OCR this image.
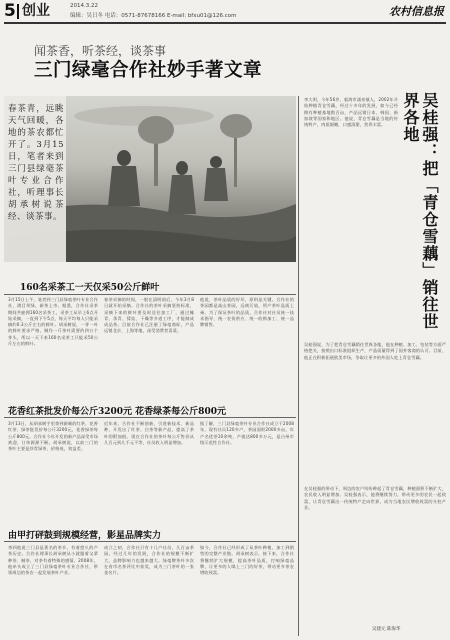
5 创业	2014.3.22
编辑：吴日冬 电话：0571-87678166 E-mail: bfxu01@126.com	农村信息报
闻茶香，听茶经，谈茶事
三门绿毫合作社妙手著文章
春茶青，远眺天气回暖，各地的茶农都忙开了。3月15日，笔者来到三门县绿毫茶叶专业合作社，听理事长胡承树说茶经、谈茶事。	吴桂强：把「青仓雪藕」销往世界各地
160名采茶工一天仅采50公斤鲜叶
3月15日上午，笔者到三门县绿毫茶叶专业合作社，满目翠绿，新茶上市。据悉，合作社采茶期间共雇佣160名采茶工，采茶工从早上6点开始采摘，一直到下午5点，每天平均每人只能采摘约0.3公斤左右的鲜叶。胡承树说，一芽一叶的鲜叶要求严格，制作一斤茶叶需要约四万个芽头，所以一天下来160名采茶工只能采50公斤左右的鲜叶。
春茶采摘的时间，一般在清明前后，今年3月8日就开始采摘。合作社的茶叶采摘坚持标准，采摘下来的鲜叶要及时送往加工厂，通过摊青、杀青、揉捻、干燥等多道工序，才能制成成品茶。目前合作社已注册了绿毫商标，产品远销北京、上海等地，深受消费者喜爱。
他说，茶叶品质的好坏，原料是关键。合作社的茶园都是高山茶园，远离污染，所产茶叶品质上乘。为了保证茶叶的品质，合作社对社员统一技术指导、统一农资供应、统一收购加工、统一品牌销售。
花香红茶批发价每公斤3200元 花香绿茶每公斤800元
3月13日，从胡承树手里拿到新制的红茶，花香红茶、绿茶批发价每公斤3200元，花香绿茶每公斤800元。合作社今年开发的新产品深受市场欢迎，订单源源不断。胡承树说，以前三门的茶叶主要是炒青绿茶，价格低，效益差。
近年来，合作社不断创新，引进新技术、新品种，开发出了红茶、白茶等新产品，提高了茶叶的附加值。现在合作社的茶叶每公斤售价从几百元到几千元不等，社员收入明显增加。
据了解，三门县绿毫茶叶专业合作社成立于2008年，现有社员120多户，茶园面积2000多亩，年产名优茶10余吨，产值达800多万元，是台州市级示范性合作社。
由甲打砰鼓到规模经营，影星品牌实力
李四他说三门县是著名的茶乡，有着悠久的产茶历史。合作社理事长胡承树从小就跟着父辈种茶、制茶，对茶有着特殊的感情。2008年，他牵头成立了三门县绿毫茶叶专业合作社，带领周边的茶农一起发展茶叶产业。
成立之初，合作社只有十几户社员，几百亩茶园。经过几年的发展，合作社的规模不断扩大，品牌影响力也越来越大。绿毫牌茶叶多次在省市名茶评比中获奖，成为三门茶叶的一张金名片。
如今，合作社已经形成了从茶叶种植、加工到销售的完整产业链。胡承树表示，接下来，合作社将继续扩大规模，提高茶叶品质，打响绿毫品牌，让更多的人喝上三门的好茶，带动更多茶农增收致富。
李大明，今年56岁，临海市涌泉镇人，2002年开始种植青仓雪藕，经过十多年的发展，如今已经拥有种植基地数百亩，产品远销日本、韩国、新加坡等国家和地区。他说，青仓雪藕是当地的传统特产，肉质细嫩，口感清甜，营养丰富。
吴桂强说，为了把青仓雪藕销往世界各地，他在种植、加工、包装等方面严格把关，按照出口标准组织生产，产品质量得到了国外客商的认可。目前，他正在积极拓展欧美市场，争取让更多的外国人吃上青仓雪藕。
在吴桂强的带动下，周边的农户纷纷种起了青仓雪藕，种植面积不断扩大，农民收入明显增加。吴桂强表示，他将继续努力，带动更多的农民一起致富，让青仓雪藕这一传统特产走向世界，成为当地农民增收致富的支柱产业。
吴建元 陈海华
